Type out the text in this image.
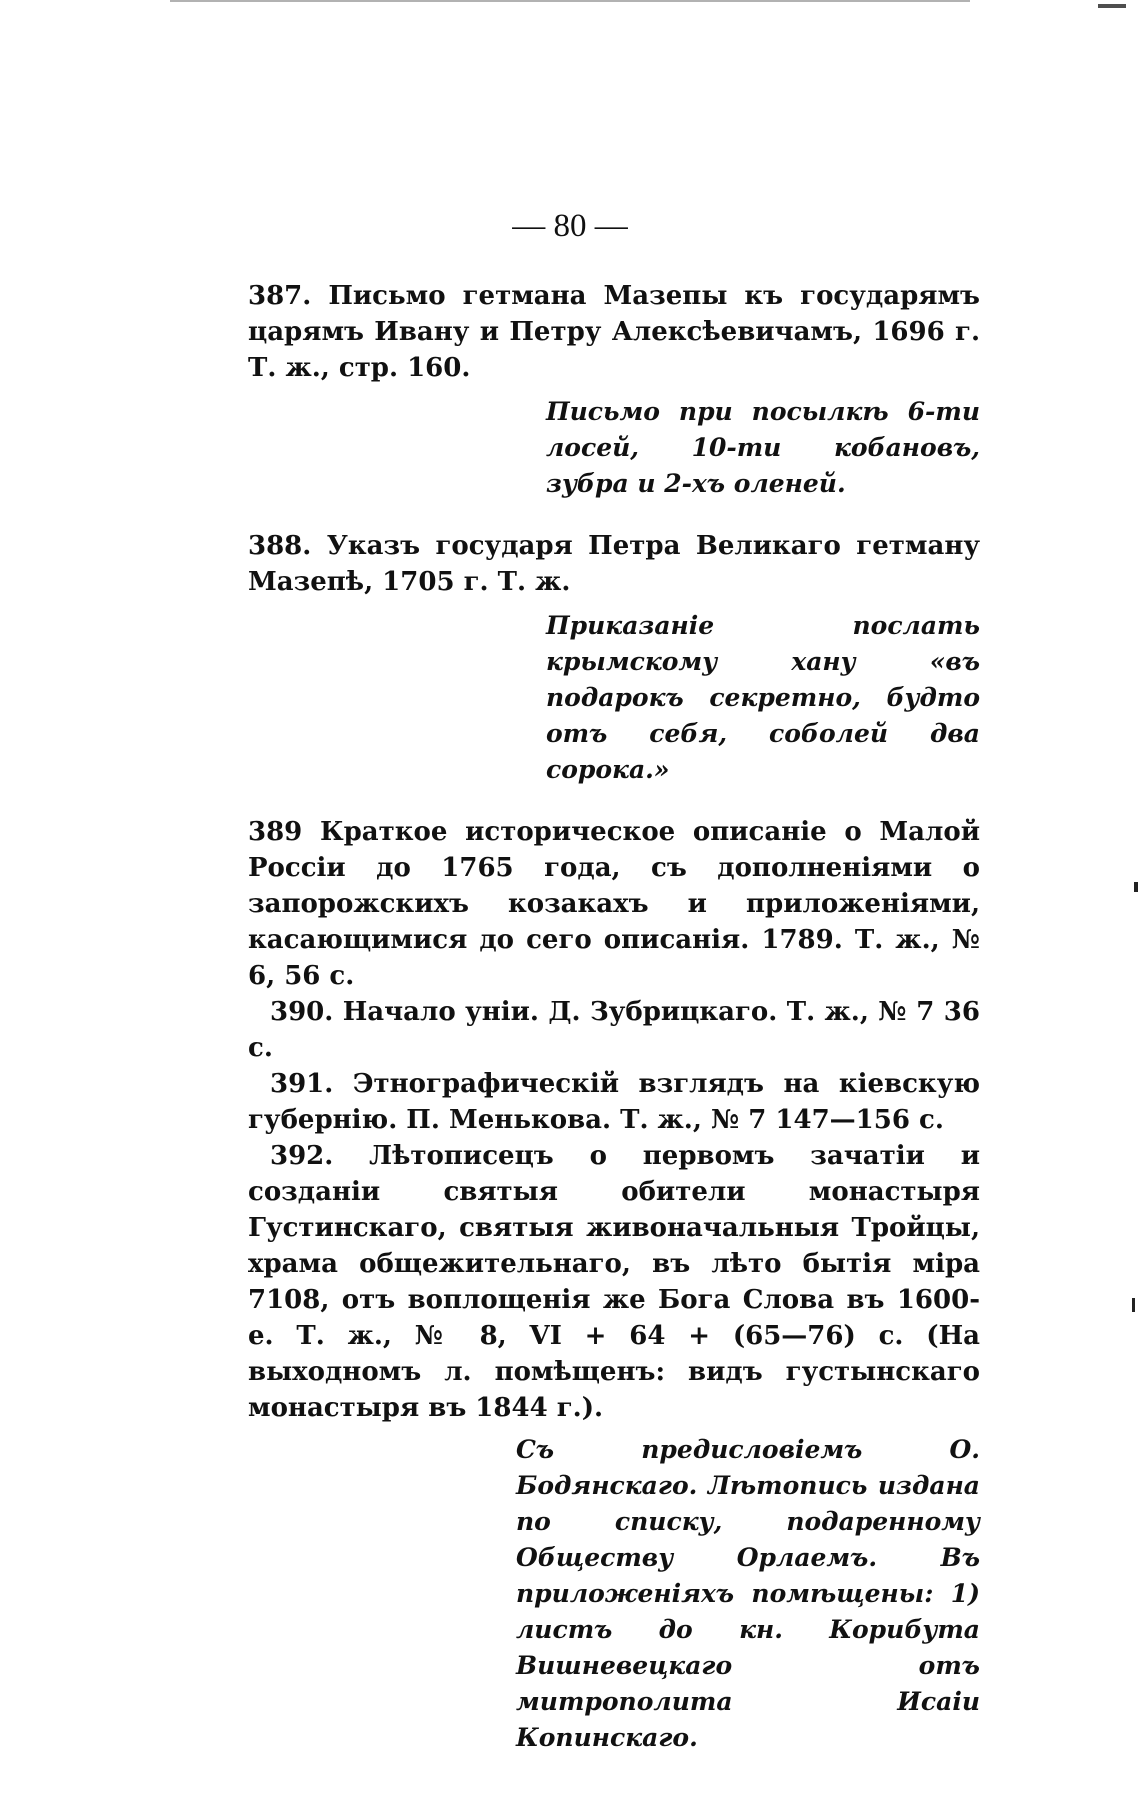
— 80 —

387. Письмо гетмана Мазепы къ государямъ царямъ Ивану и Петру Алексѣевичамъ, 1696 г. Т. ж., стр. 160.

Письмо при посылкѣ 6-ти лосей, 10-ти кобановъ, зубра и 2-хъ оленей.

388. Указъ государя Петра Великаго гетману Мазепѣ, 1705 г. Т. ж.

Приказаніе послать крымскому хану «въ подарокъ секретно, будто отъ себя, соболей два сорока.»

389 Краткое историческое описаніе о Малой Россіи до 1765 года, съ дополненіями о запорожскихъ козакахъ и приложеніями, касающимися до сего описанія. 1789. Т. ж., № 6, 56 с.

390. Начало уніи. Д. Зубрицкаго. Т. ж., № 7 36 с.

391. Этнографическій взглядъ на кіевскую губернію. П. Менькова. Т. ж., № 7 147—156 с.

392. Лѣтописецъ о первомъ зачатіи и созданіи святыя обители монастыря Густинскаго, святыя живоначальныя Тройцы, храма общежительнаго, въ лѣто бытія міра 7108, отъ воплощенія же Бога Слова въ 1600-е. Т. ж., № 8, VI + 64 + (65—76) с. (На выходномъ л. помѣщенъ: видъ густынскаго монастыря въ 1844 г.).

Съ предисловіемъ О. Бодянскаго. Лѣтопись издана по списку, подаренному Обществу Орлаемъ. Въ приложеніяхъ помѣщены: 1) листъ до кн. Корибута Вишневецкаго отъ митрополита Исаіи Копинскаго.
